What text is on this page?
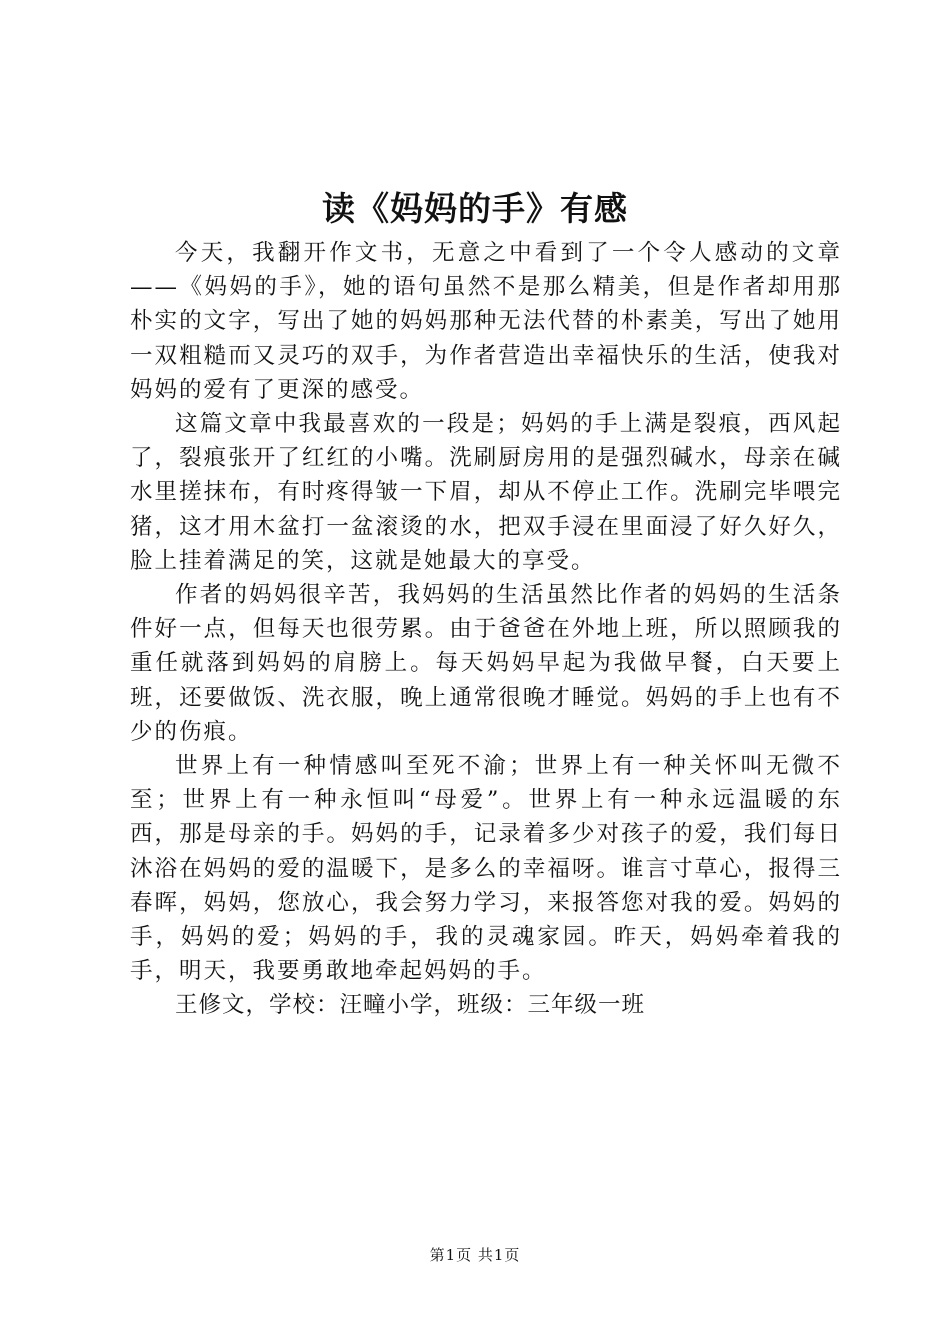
读《妈妈的手》有感

今天，我翻开作文书，无意之中看到了一个令人感动的文章——《妈妈的手》，她的语句虽然不是那么精美，但是作者却用那朴实的文字，写出了她的妈妈那种无法代替的朴素美，写出了她用一双粗糙而又灵巧的双手，为作者营造出幸福快乐的生活，使我对妈妈的爱有了更深的感受。

这篇文章中我最喜欢的一段是；妈妈的手上满是裂痕，西风起了，裂痕张开了红红的小嘴。洗刷厨房用的是强烈碱水，母亲在碱水里搓抹布，有时疼得皱一下眉，却从不停止工作。洗刷完毕喂完猪，这才用木盆打一盆滚烫的水，把双手浸在里面浸了好久好久，脸上挂着满足的笑，这就是她最大的享受。

作者的妈妈很辛苦，我妈妈的生活虽然比作者的妈妈的生活条件好一点，但每天也很劳累。由于爸爸在外地上班，所以照顾我的重任就落到妈妈的肩膀上。每天妈妈早起为我做早餐，白天要上班，还要做饭、洗衣服，晚上通常很晚才睡觉。妈妈的手上也有不少的伤痕。

世界上有一种情感叫至死不渝；世界上有一种关怀叫无微不至；世界上有一种永恒叫“母爱”。世界上有一种永远温暖的东西，那是母亲的手。妈妈的手，记录着多少对孩子的爱，我们每日沐浴在妈妈的爱的温暖下，是多么的幸福呀。谁言寸草心，报得三春晖，妈妈，您放心，我会努力学习，来报答您对我的爱。妈妈的手，妈妈的爱；妈妈的手，我的灵魂家园。昨天，妈妈牵着我的手，明天，我要勇敢地牵起妈妈的手。

王修文，学校：汪疃小学，班级：三年级一班

第1页 共1页
